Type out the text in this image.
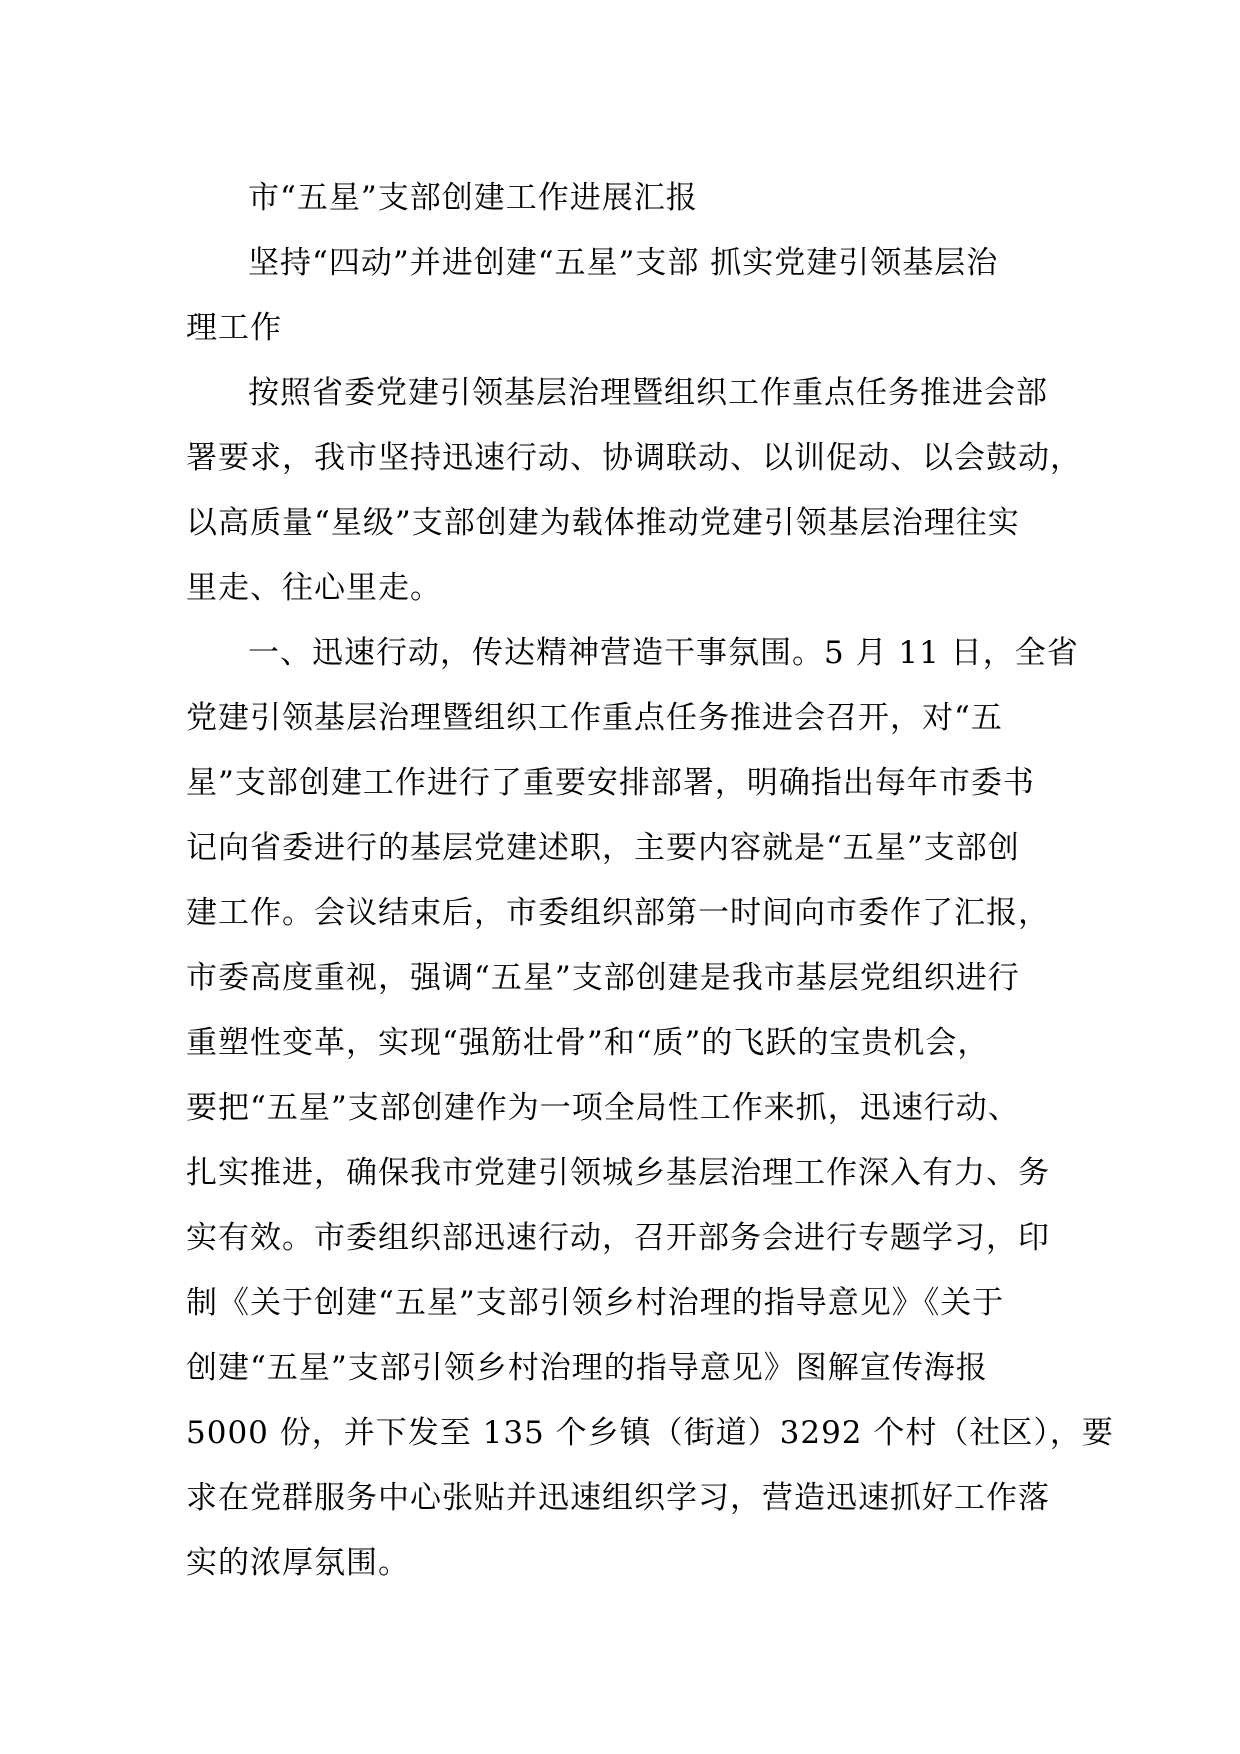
市“五星”支部创建工作进展汇报

坚持“四动”并进创建“五星”支部 抓实党建引领基层治
理工作

按照省委党建引领基层治理暨组织工作重点任务推进会部
署要求，我市坚持迅速行动、协调联动、以训促动、以会鼓动，
以高质量“星级”支部创建为载体推动党建引领基层治理往实
里走、往心里走。

一、迅速行动，传达精神营造干事氛围。5 月 11 日，全省
党建引领基层治理暨组织工作重点任务推进会召开，对“五
星”支部创建工作进行了重要安排部署，明确指出每年市委书
记向省委进行的基层党建述职，主要内容就是“五星”支部创
建工作。会议结束后，市委组织部第一时间向市委作了汇报，
市委高度重视，强调“五星”支部创建是我市基层党组织进行
重塑性变革，实现“强筋壮骨”和“质”的飞跃的宝贵机会，
要把“五星”支部创建作为一项全局性工作来抓，迅速行动、
扎实推进，确保我市党建引领城乡基层治理工作深入有力、务
实有效。市委组织部迅速行动，召开部务会进行专题学习，印
制《关于创建“五星”支部引领乡村治理的指导意见》《关于
创建“五星”支部引领乡村治理的指导意见》图解宣传海报
5000 份，并下发至 135 个乡镇（街道）3292 个村（社区），要
求在党群服务中心张贴并迅速组织学习，营造迅速抓好工作落
实的浓厚氛围。
